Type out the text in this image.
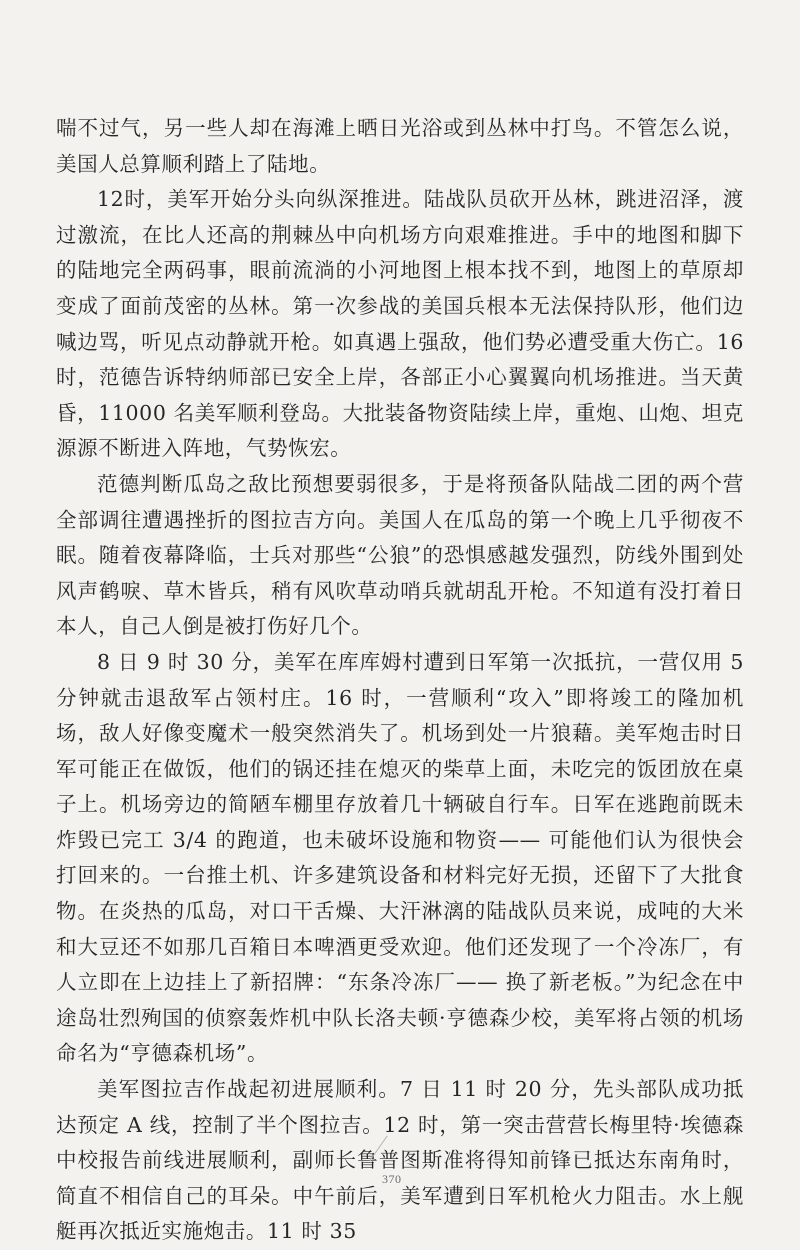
喘不过气，另一些人却在海滩上晒日光浴或到丛林中打鸟。不管怎么说，美国人总算顺利踏上了陆地。

12时，美军开始分头向纵深推进。陆战队员砍开丛林，跳进沼泽，渡过激流，在比人还高的荆棘丛中向机场方向艰难推进。手中的地图和脚下的陆地完全两码事，眼前流淌的小河地图上根本找不到，地图上的草原却变成了面前茂密的丛林。第一次参战的美国兵根本无法保持队形，他们边喊边骂，听见点动静就开枪。如真遇上强敌，他们势必遭受重大伤亡。16时，范德告诉特纳师部已安全上岸，各部正小心翼翼向机场推进。当天黄昏，11000 名美军顺利登岛。大批装备物资陆续上岸，重炮、山炮、坦克源源不断进入阵地，气势恢宏。

范德判断瓜岛之敌比预想要弱很多，于是将预备队陆战二团的两个营全部调往遭遇挫折的图拉吉方向。美国人在瓜岛的第一个晚上几乎彻夜不眠。随着夜幕降临，士兵对那些“公狼”的恐惧感越发强烈，防线外围到处风声鹤唳、草木皆兵，稍有风吹草动哨兵就胡乱开枪。不知道有没打着日本人，自己人倒是被打伤好几个。

8 日 9 时 30 分，美军在库库姆村遭到日军第一次抵抗，一营仅用 5 分钟就击退敌军占领村庄。16 时，一营顺利“攻入”即将竣工的隆加机场，敌人好像变魔术一般突然消失了。机场到处一片狼藉。美军炮击时日军可能正在做饭，他们的锅还挂在熄灭的柴草上面，未吃完的饭团放在桌子上。机场旁边的简陋车棚里存放着几十辆破自行车。日军在逃跑前既未炸毁已完工 3/4 的跑道，也未破坏设施和物资—— 可能他们认为很快会打回来的。一台推土机、许多建筑设备和材料完好无损，还留下了大批食物。在炎热的瓜岛，对口干舌燥、大汗淋漓的陆战队员来说，成吨的大米和大豆还不如那几百箱日本啤酒更受欢迎。他们还发现了一个冷冻厂，有人立即在上边挂上了新招牌：“东条冷冻厂—— 换了新老板。”为纪念在中途岛壮烈殉国的侦察轰炸机中队长洛夫顿·亨德森少校，美军将占领的机场命名为“亨德森机场”。

美军图拉吉作战起初进展顺利。7 日 11 时 20 分，先头部队成功抵达预定 A 线，控制了半个图拉吉。12 时，第一突击营营长梅里特·埃德森中校报告前线进展顺利，副师长鲁普图斯准将得知前锋已抵达东南角时，简直不相信自己的耳朵。中午前后，美军遭到日军机枪火力阻击。水上舰艇再次抵近实施炮击。11 时 35

370
